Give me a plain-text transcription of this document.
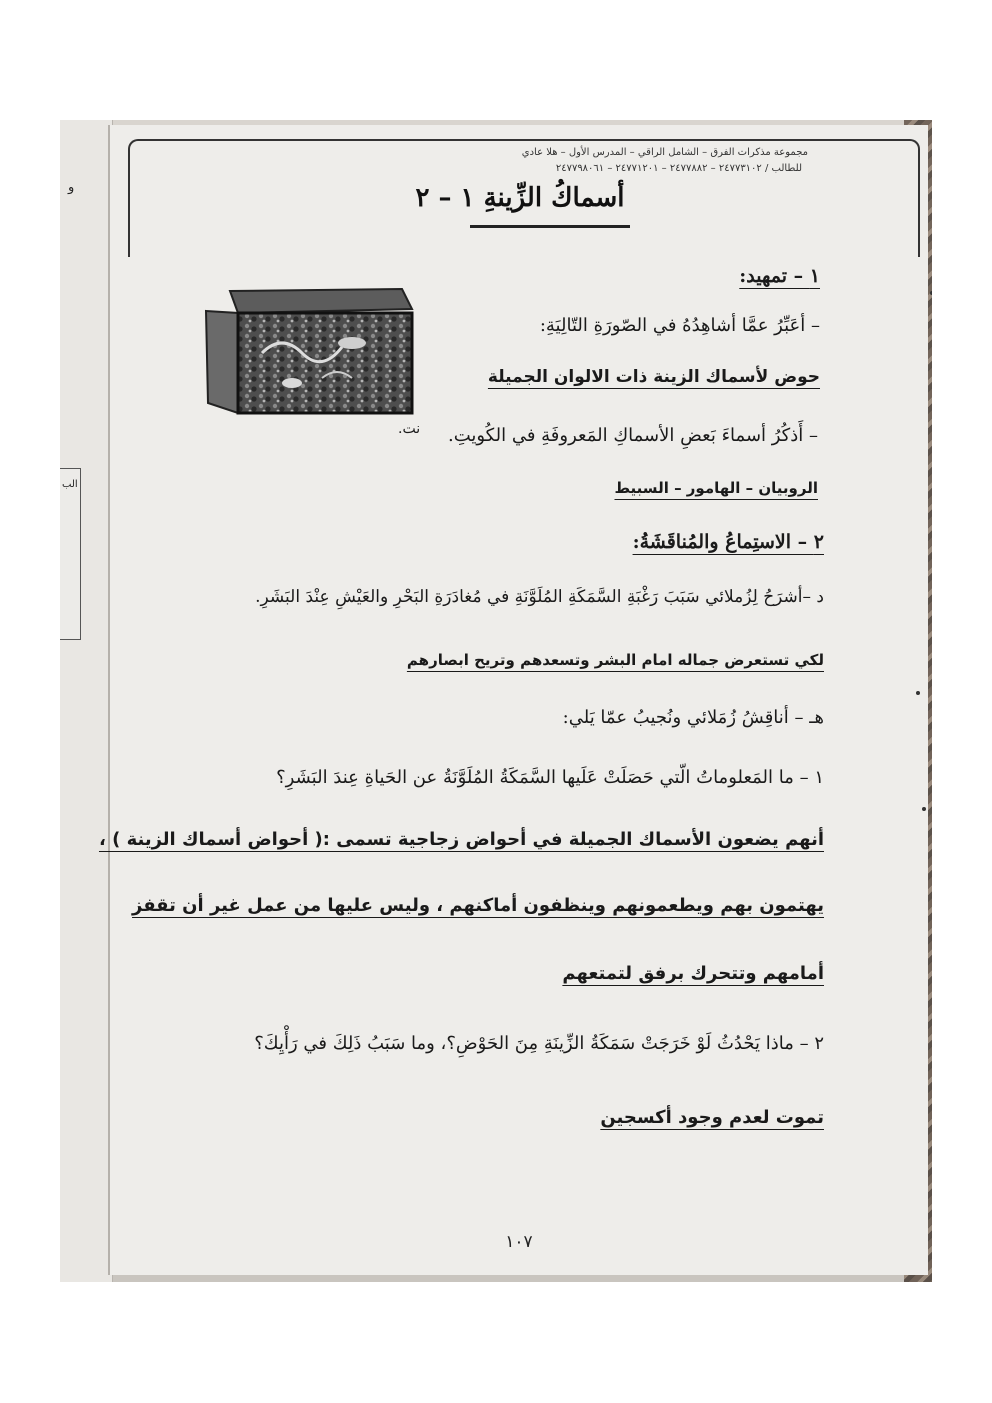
و
الب
مجموعة مذكرات الفرق – الشامل الراقي – المدرس الأول – هلا عادي
للطالب / ٢٤٧٧٣١٠٢ – ٢٤٧٧٨٨٢ – ٢٤٧٧١٢٠١ – ٢٤٧٧٩٨٠٦١
أسماكُ الزِّينةِ ١ – ٢
نت.
١ – تمهيد:
– أعَبِّرُ عمَّا أشاهِدُهُ في الصّورَةِ التّالِيَةِ:
حوض لأسماك الزينة ذات الالوان الجميلة
– أَذكُرُ أسماءَ بَعضِ الأسماكِ المَعروفَةِ في الكُويتِ.
الروبيان – الهامور – السبيط
٢ – الاستِماعُ والمُناقَشَةُ:
د –أشرَحُ لِزُملائي سَبَبَ رَغْبَةِ السَّمَكَةِ المُلَوَّنَةِ في مُغادَرَةِ البَحْرِ والعَيْشِ عِنْدَ البَشَرِ.
لكي تستعرض جماله امام البشر وتسعدهم وتريح ابصارهم
هـ – أناقِشُ زُمَلائي ونُجيبُ عمّا يَلي:
١ – ما المَعلوماتُ الّتي حَصَلَتْ عَلَيها السَّمَكَةُ المُلَوَّنَةُ عن الحَياةِ عِندَ البَشَرِ؟
أنهم يضعون الأسماك الجميلة في أحواض زجاجية تسمى :( أحواض أسماك الزينة ) ،
يهتمون بهم ويطعمونهم وينظفون أماكنهم ، وليس عليها من عمل غير أن تقفز
أمامهم وتتحرك برفق لتمتعهم
٢ – ماذا يَحْدُثُ لَوْ خَرَجَتْ سَمَكَةُ الزِّينَةِ مِنَ الحَوْضِ؟، وما سَبَبُ ذَلِكَ في رَأْيِكَ؟
تموت لعدم وجود أكسجين
١٠٧
